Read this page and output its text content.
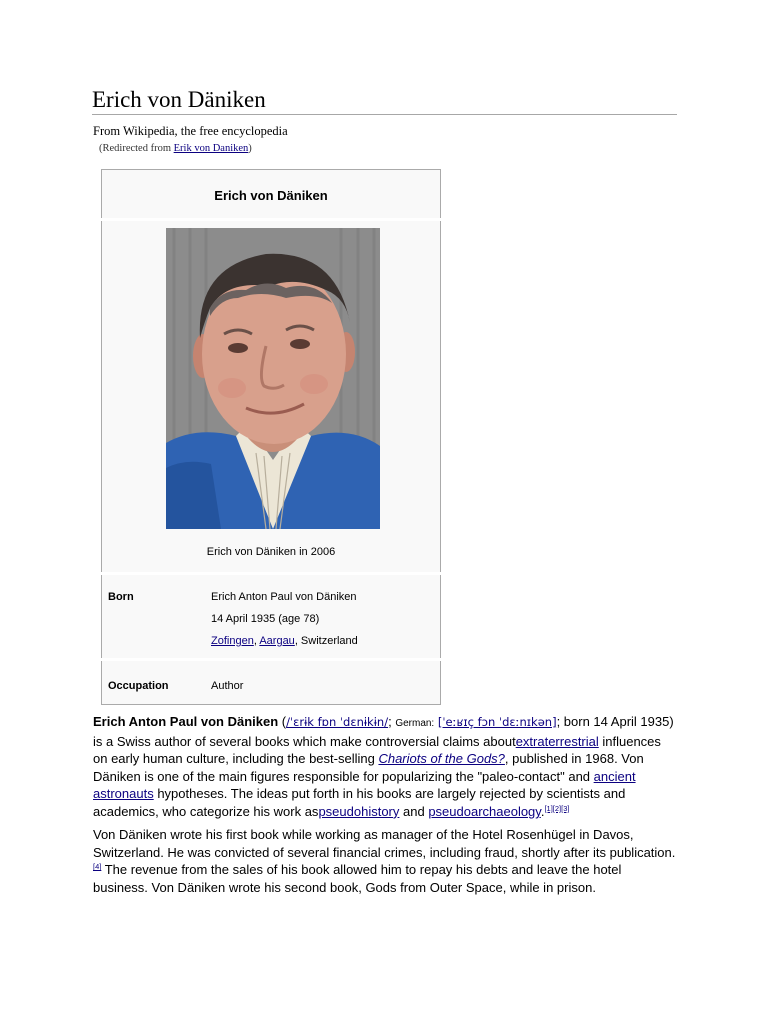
Erich von Däniken
From Wikipedia, the free encyclopedia
(Redirected from Erik von Daniken)
Erich von Däniken
Erich von Däniken in 2006
Born	Erich Anton Paul von Däniken
14 April 1935 (age 78)
Zofingen, Aargau, Switzerland
Occupation	Author
Erich Anton Paul von Däniken (/ˈɛrɨk fɒn ˈdɛnɨkɨn/; German: [ˈeːʁɪç fɔn ˈdɛːnɪkən]; born 14 April 1935) is a Swiss author of several books which make controversial claims aboutextraterrestrial influences on early human culture, including the best-selling Chariots of the Gods?, published in 1968. Von Däniken is one of the main figures responsible for popularizing the "paleo-contact" and ancient astronauts hypotheses. The ideas put forth in his books are largely rejected by scientists and academics, who categorize his work aspseudohistory and pseudoarchaeology.[1][2][3]
Von Däniken wrote his first book while working as manager of the Hotel Rosenhügel in Davos, Switzerland. He was convicted of several financial crimes, including fraud, shortly after its publication.[4] The revenue from the sales of his book allowed him to repay his debts and leave the hotel business. Von Däniken wrote his second book, Gods from Outer Space, while in prison.
